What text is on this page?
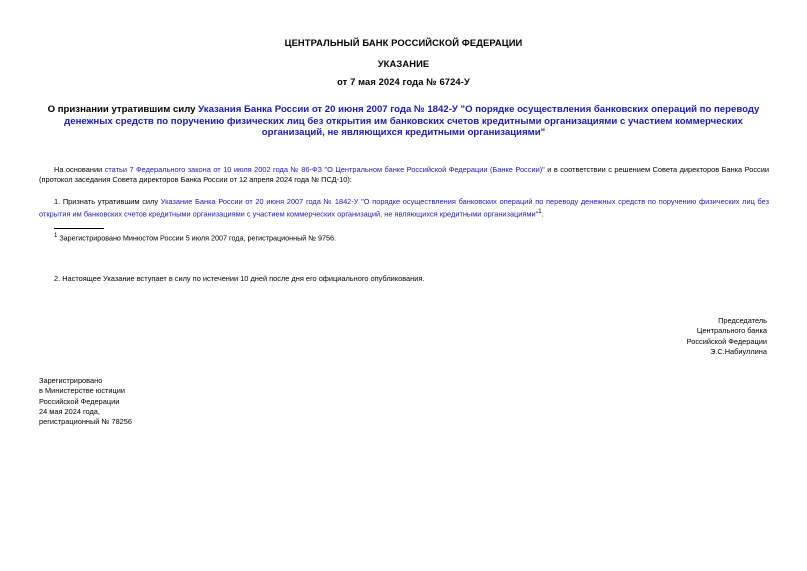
ЦЕНТРАЛЬНЫЙ БАНК РОССИЙСКОЙ ФЕДЕРАЦИИ
УКАЗАНИЕ
от 7 мая 2024 года № 6724-У
О признании утратившим силу Указания Банка России от 20 июня 2007 года № 1842-У "О порядке осуществления банковских операций по переводу денежных средств по поручению физических лиц без открытия им банковских счетов кредитными организациями с участием коммерческих организаций, не являющихся кредитными организациями"
На основании статьи 7 Федерального закона от 10 июля 2002 года № 86-ФЗ "О Центральном банке Российской Федерации (Банке России)" и в соответствии с решением Совета директоров Банка России (протокол заседания Совета директоров Банка России от 12 апреля 2024 года № ПСД-10):
1. Признать утратившим силу Указание Банка России от 20 июня 2007 года № 1842-У "О порядке осуществления банковских операций по переводу денежных средств по поручению физических лиц без открытия им банковских счетов кредитными организациями с участием коммерческих организаций, не являющихся кредитными организациями"$^1$.
$^1$ Зарегистрировано Минюстом России 5 июля 2007 года, регистрационный № 9756.
2. Настоящее Указание вступает в силу по истечении 10 дней после дня его официального опубликования.
Председатель
Центрального банка
Российской Федерации
Э.С.Набиуллина
Зарегистрировано
в Министерстве юстиции
Российской Федерации
24 мая 2024 года,
регистрационный № 78256
